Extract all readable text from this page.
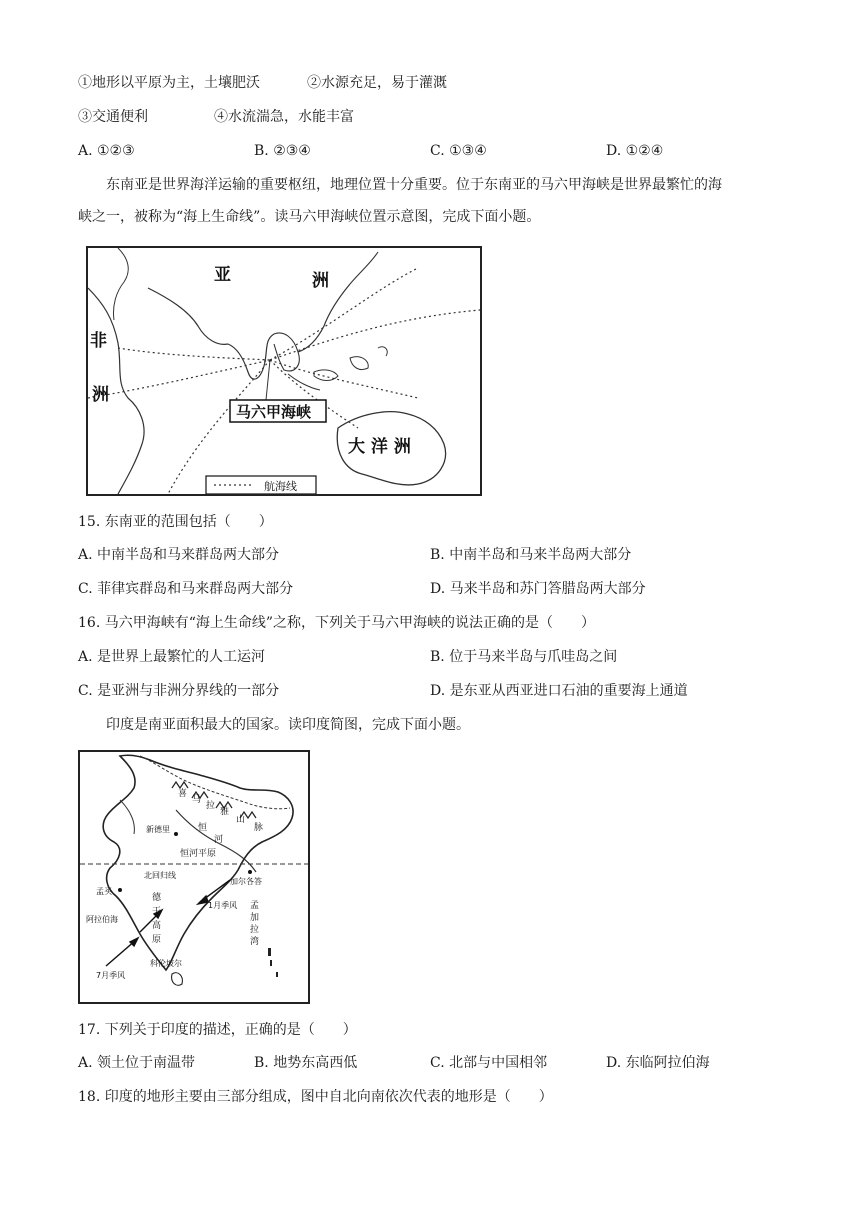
①地形以平原为主，土壤肥沃	②水源充足，易于灌溉
③交通便利	④水流湍急，水能丰富
A. ①②③	B. ②③④	C. ①③④	D. ①②④
东南亚是世界海洋运输的重要枢纽，地理位置十分重要。位于东南亚的马六甲海峡是世界最繁忙的海
峡之一，被称为“海上生命线”。读马六甲海峡位置示意图，完成下面小题。
亚	洲
非
洲
马六甲海峡
大 洋 洲
航海线
15. 东南亚的范围包括（　　）
A. 中南半岛和马来群岛两大部分	B. 中南半岛和马来半岛两大部分
C. 菲律宾群岛和马来群岛两大部分	D. 马来半岛和苏门答腊岛两大部分
16. 马六甲海峡有“海上生命线”之称，下列关于马六甲海峡的说法正确的是（　　）
A. 是世界上最繁忙的人工运河	B. 位于马来半岛与爪哇岛之间
C. 是亚洲与非洲分界线的一部分	D. 是东亚从西亚进口石油的重要海上通道
印度是南亚面积最大的国家。读印度简图，完成下面小题。
喜
马
拉
雅
山
脉
恒
河
恒河平原
新德里
北回归线
孟买
阿拉伯海
德
干
高
原
加尔各答
1月季风 孟
加
拉
湾
7月季风
科伦坡尔
17. 下列关于印度的描述，正确的是（　　）
A. 领土位于南温带	B. 地势东高西低	C. 北部与中国相邻	D. 东临阿拉伯海
18. 印度的地形主要由三部分组成，图中自北向南依次代表的地形是（　　）
